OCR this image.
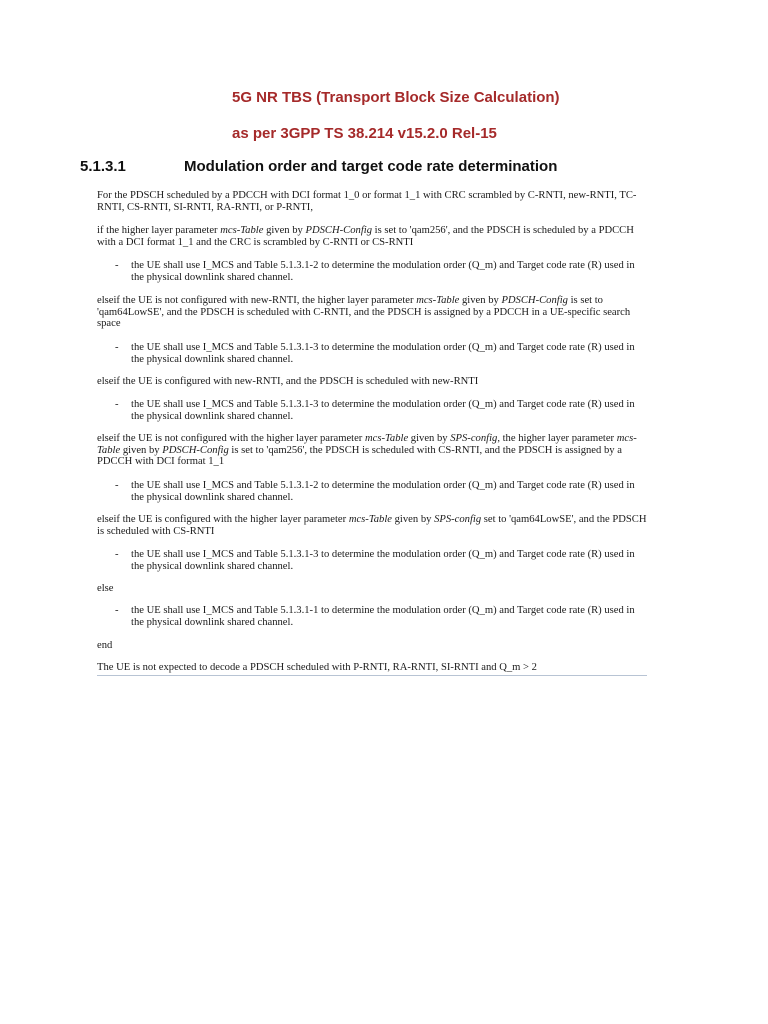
5G NR TBS (Transport Block Size Calculation)
as per 3GPP TS 38.214 v15.2.0 Rel-15
5.1.3.1	Modulation order and target code rate determination
For the PDSCH scheduled by a PDCCH with DCI format 1_0 or format 1_1 with CRC scrambled by C-RNTI, new-RNTI, TC-RNTI, CS-RNTI, SI-RNTI, RA-RNTI, or P-RNTI,
if the higher layer parameter mcs-Table given by PDSCH-Config is set to 'qam256', and the PDSCH is scheduled by a PDCCH with a DCI format 1_1 and the CRC is scrambled by C-RNTI or CS-RNTI
- the UE shall use I_MCS and Table 5.1.3.1-2 to determine the modulation order (Q_m) and Target code rate (R) used in the physical downlink shared channel.
elseif the UE is not configured with new-RNTI, the higher layer parameter mcs-Table given by PDSCH-Config is set to 'qam64LowSE', and the PDSCH is scheduled with C-RNTI, and the PDSCH is assigned by a PDCCH in a UE-specific search space
- the UE shall use I_MCS and Table 5.1.3.1-3 to determine the modulation order (Q_m) and Target code rate (R) used in the physical downlink shared channel.
elseif the UE is configured with new-RNTI, and the PDSCH is scheduled with new-RNTI
- the UE shall use I_MCS and Table 5.1.3.1-3 to determine the modulation order (Q_m) and Target code rate (R) used in the physical downlink shared channel.
elseif the UE is not configured with the higher layer parameter mcs-Table given by SPS-config, the higher layer parameter mcs-Table given by PDSCH-Config is set to 'qam256', the PDSCH is scheduled with CS-RNTI, and the PDSCH is assigned by a PDCCH with DCI format 1_1
- the UE shall use I_MCS and Table 5.1.3.1-2 to determine the modulation order (Q_m) and Target code rate (R) used in the physical downlink shared channel.
elseif the UE is configured with the higher layer parameter mcs-Table given by SPS-config set to 'qam64LowSE', and the PDSCH is scheduled with CS-RNTI
- the UE shall use I_MCS and Table 5.1.3.1-3 to determine the modulation order (Q_m) and Target code rate (R) used in the physical downlink shared channel.
else
- the UE shall use I_MCS and Table 5.1.3.1-1 to determine the modulation order (Q_m) and Target code rate (R) used in the physical downlink shared channel.
end
The UE is not expected to decode a PDSCH scheduled with P-RNTI, RA-RNTI, SI-RNTI and Q_m > 2
